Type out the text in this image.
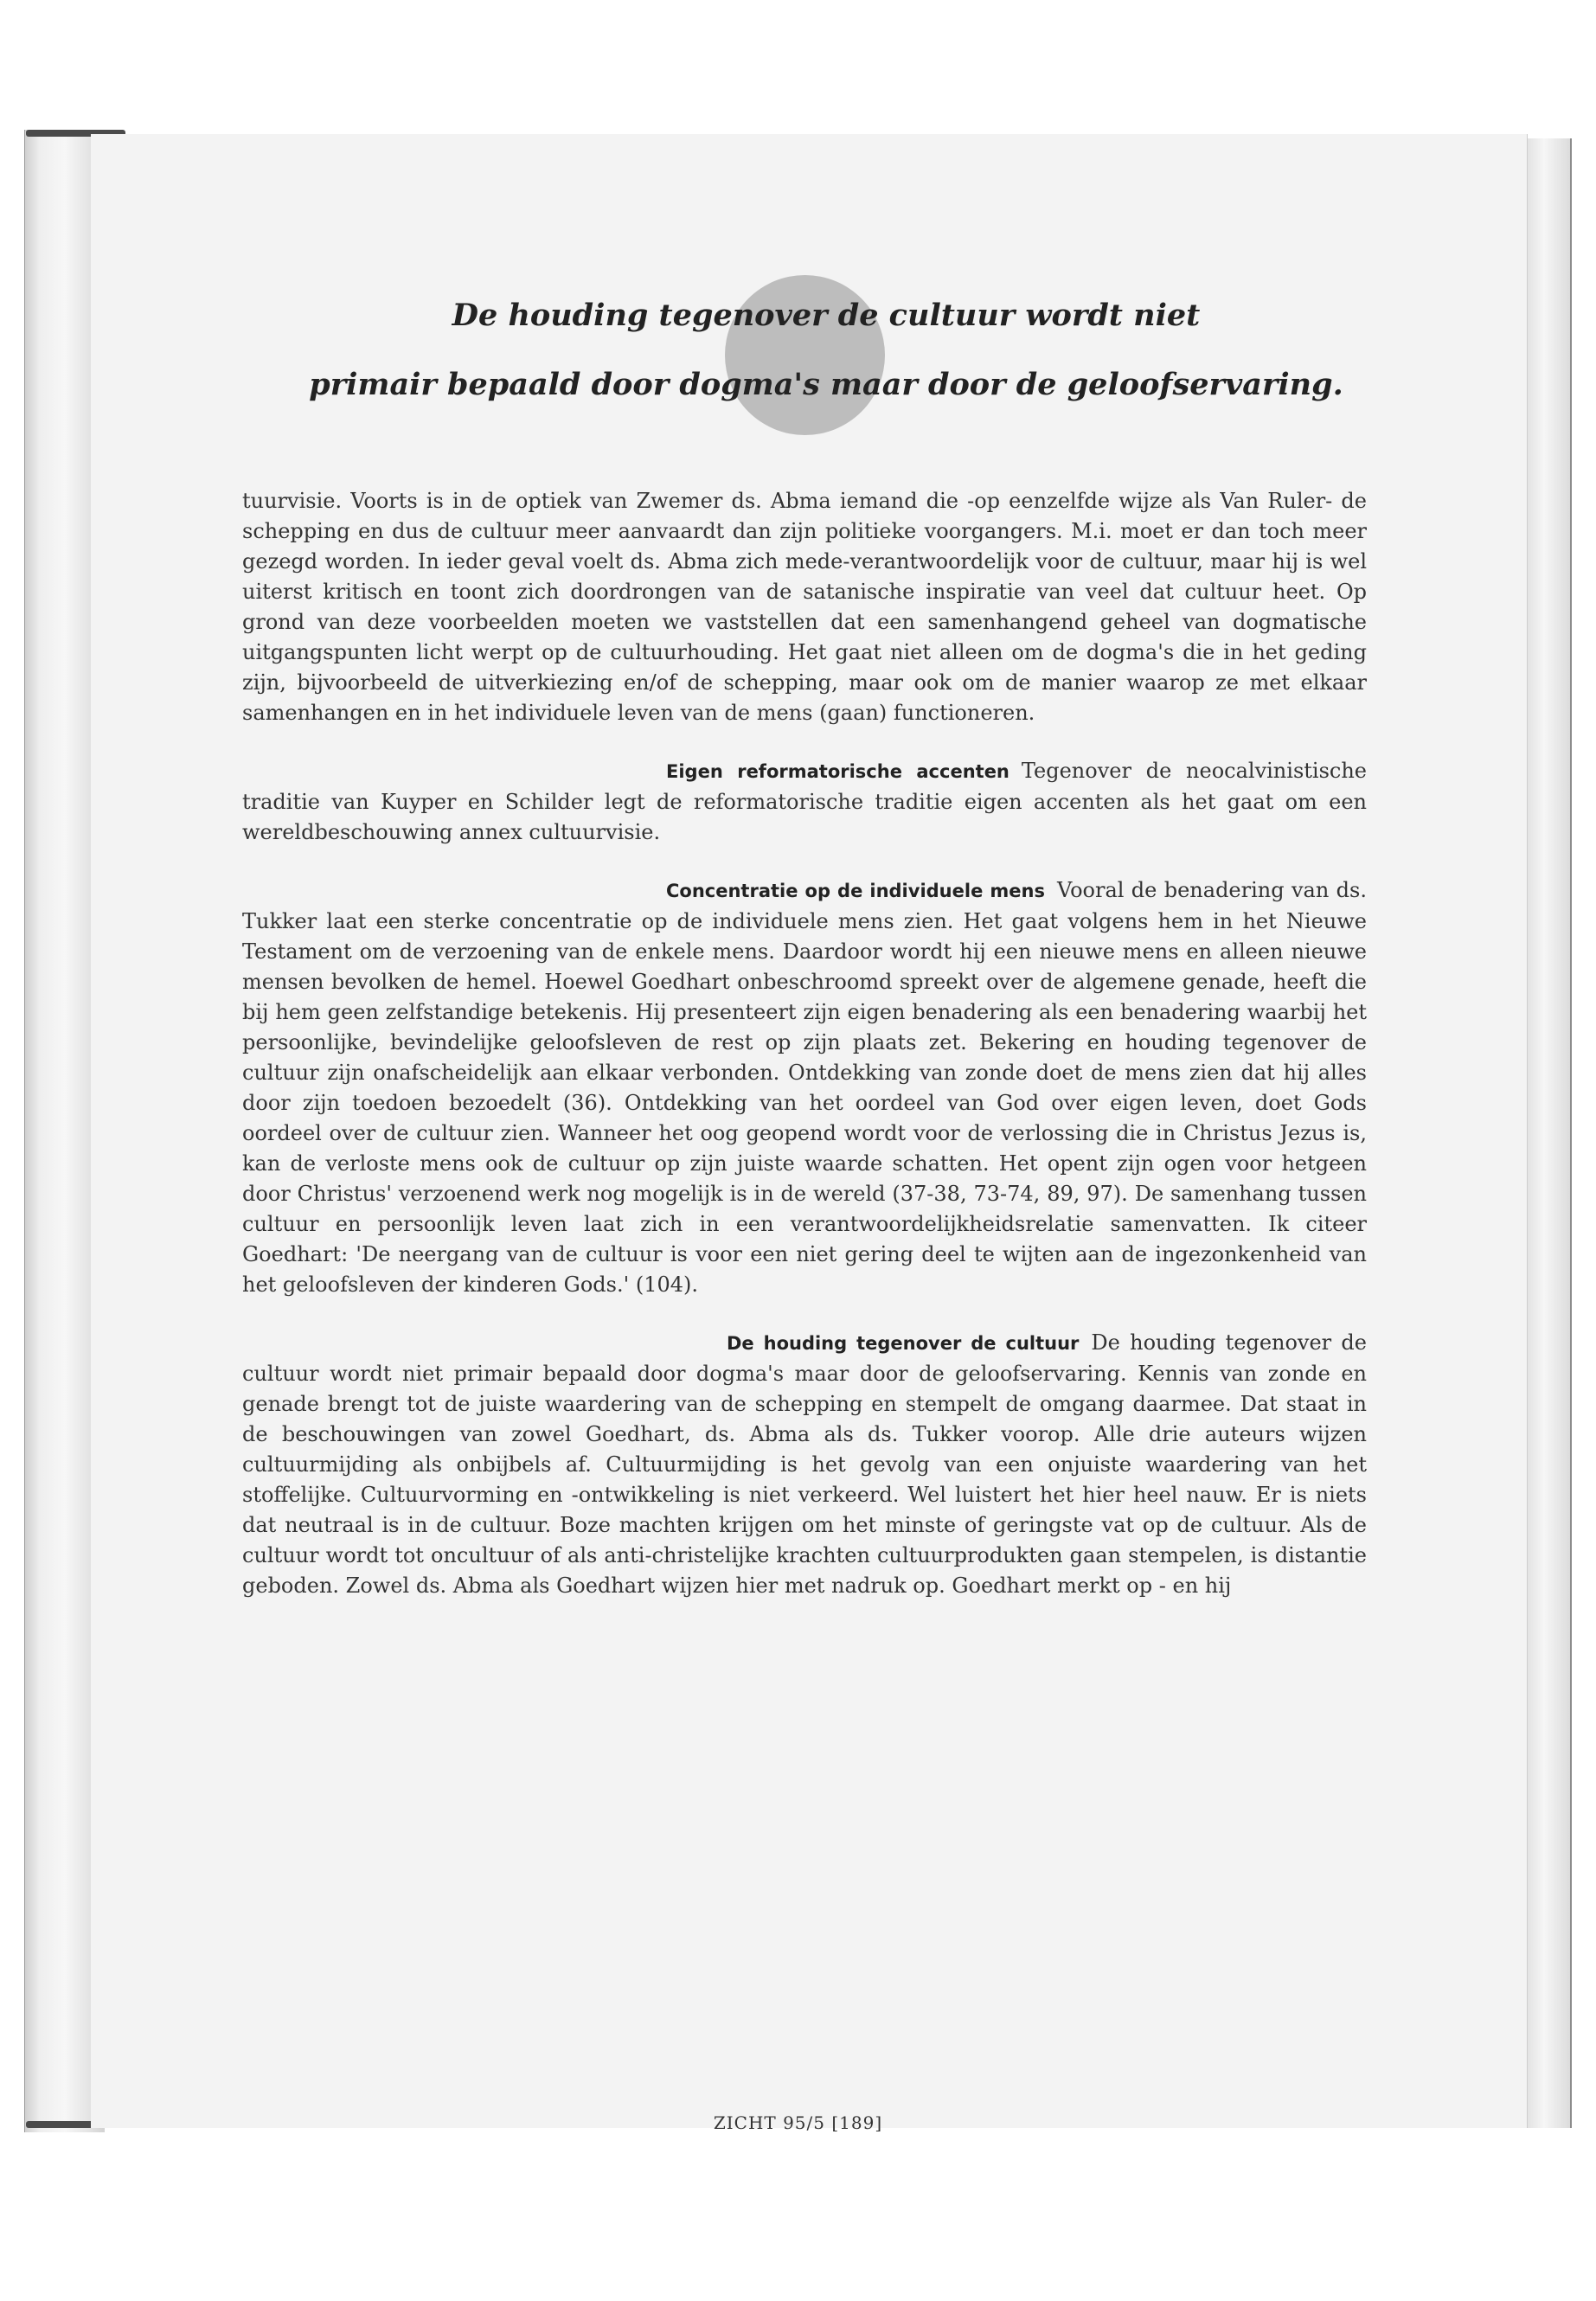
De houding tegenover de cultuur wordt niet
primair bepaald door dogma's maar door de geloofservaring.

tuurvisie. Voorts is in de optiek van Zwemer ds. Abma iemand die -op eenzelfde wijze als Van Ruler- de schepping en dus de cultuur meer aanvaardt dan zijn politieke voorgangers. M.i. moet er dan toch meer gezegd worden. In ieder geval voelt ds. Abma zich mede-verantwoordelijk voor de cultuur, maar hij is wel uiterst kritisch en toont zich doordrongen van de satanische inspiratie van veel dat cultuur heet. Op grond van deze voorbeelden moeten we vaststellen dat een samenhangend geheel van dogmatische uitgangspunten licht werpt op de cultuurhouding. Het gaat niet alleen om de dogma's die in het geding zijn, bijvoorbeeld de uitverkiezing en/of de schepping, maar ook om de manier waarop ze met elkaar samenhangen en in het individuele leven van de mens (gaan) functioneren.

Eigen reformatorische accenten Tegenover de neocalvinistische traditie van Kuyper en Schilder legt de reformatorische traditie eigen accenten als het gaat om een wereldbeschouwing annex cultuurvisie.

Concentratie op de individuele mens Vooral de benadering van ds. Tukker laat een sterke concentratie op de individuele mens zien. Het gaat volgens hem in het Nieuwe Testament om de verzoening van de enkele mens. Daardoor wordt hij een nieuwe mens en alleen nieuwe mensen bevolken de hemel. Hoewel Goedhart onbeschroomd spreekt over de algemene genade, heeft die bij hem geen zelfstandige betekenis. Hij presenteert zijn eigen benadering als een benadering waarbij het persoonlijke, bevindelijke geloofsleven de rest op zijn plaats zet. Bekering en houding tegenover de cultuur zijn onafscheidelijk aan elkaar verbonden. Ontdekking van zonde doet de mens zien dat hij alles door zijn toedoen bezoedelt (36). Ontdekking van het oordeel van God over eigen leven, doet Gods oordeel over de cultuur zien. Wanneer het oog geopend wordt voor de verlossing die in Christus Jezus is, kan de verloste mens ook de cultuur op zijn juiste waarde schatten. Het opent zijn ogen voor hetgeen door Christus' verzoenend werk nog mogelijk is in de wereld (37-38, 73-74, 89, 97). De samenhang tussen cultuur en persoonlijk leven laat zich in een verantwoordelijkheidsrelatie samenvatten. Ik citeer Goedhart: 'De neergang van de cultuur is voor een niet gering deel te wijten aan de ingezonkenheid van het geloofsleven der kinderen Gods.' (104).

De houding tegenover de cultuur De houding tegenover de cultuur wordt niet primair bepaald door dogma's maar door de geloofservaring. Kennis van zonde en genade brengt tot de juiste waardering van de schepping en stempelt de omgang daarmee. Dat staat in de beschouwingen van zowel Goedhart, ds. Abma als ds. Tukker voorop. Alle drie auteurs wijzen cultuurmijding als onbijbels af. Cultuurmijding is het gevolg van een onjuiste waardering van het stoffelijke. Cultuurvorming en -ontwikkeling is niet verkeerd. Wel luistert het hier heel nauw. Er is niets dat neutraal is in de cultuur. Boze machten krijgen om het minste of geringste vat op de cultuur. Als de cultuur wordt tot oncultuur of als anti-christelijke krachten cultuurprodukten gaan stempelen, is distantie geboden. Zowel ds. Abma als Goedhart wijzen hier met nadruk op. Goedhart merkt op - en hij

ZICHT 95/5 [189]
